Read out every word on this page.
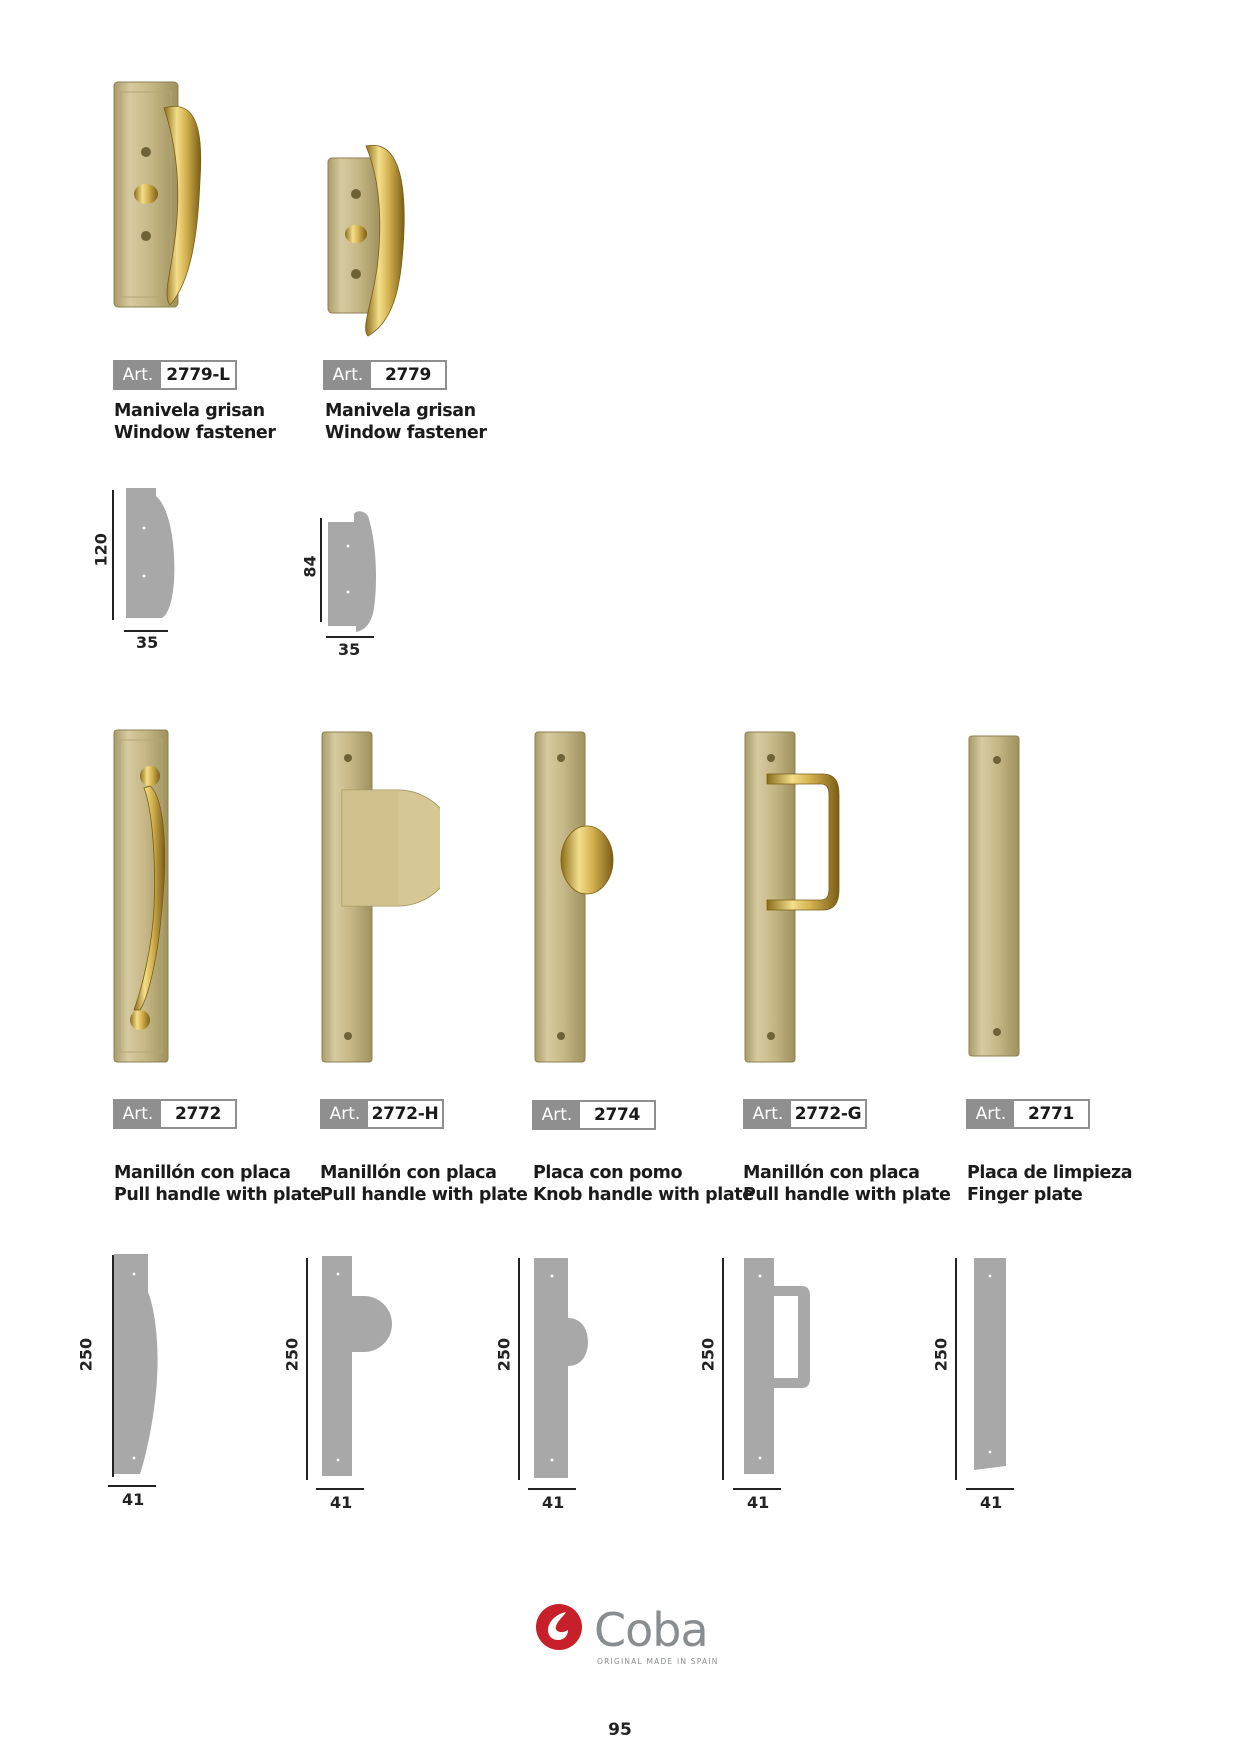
Art. 2779-L	Art.	2779
Manivela grisan
Window fastener
Manivela grisan
Window fastener
120
35
84
35
Art.	2772	Art. 2772-H	Art.	2774	Art. 2772-G	Art.	2771
Manillón con placa
Pull handle with plate
Manillón con placa
Pull handle with plate
Placa con pomo
Knob handle with plate
Manillón con placa
Pull handle with plate
Placa de limpieza
Finger plate
250
41
250
41
250
41
250
41
250
41
Coba
ORIGINAL MADE IN SPAIN
95
